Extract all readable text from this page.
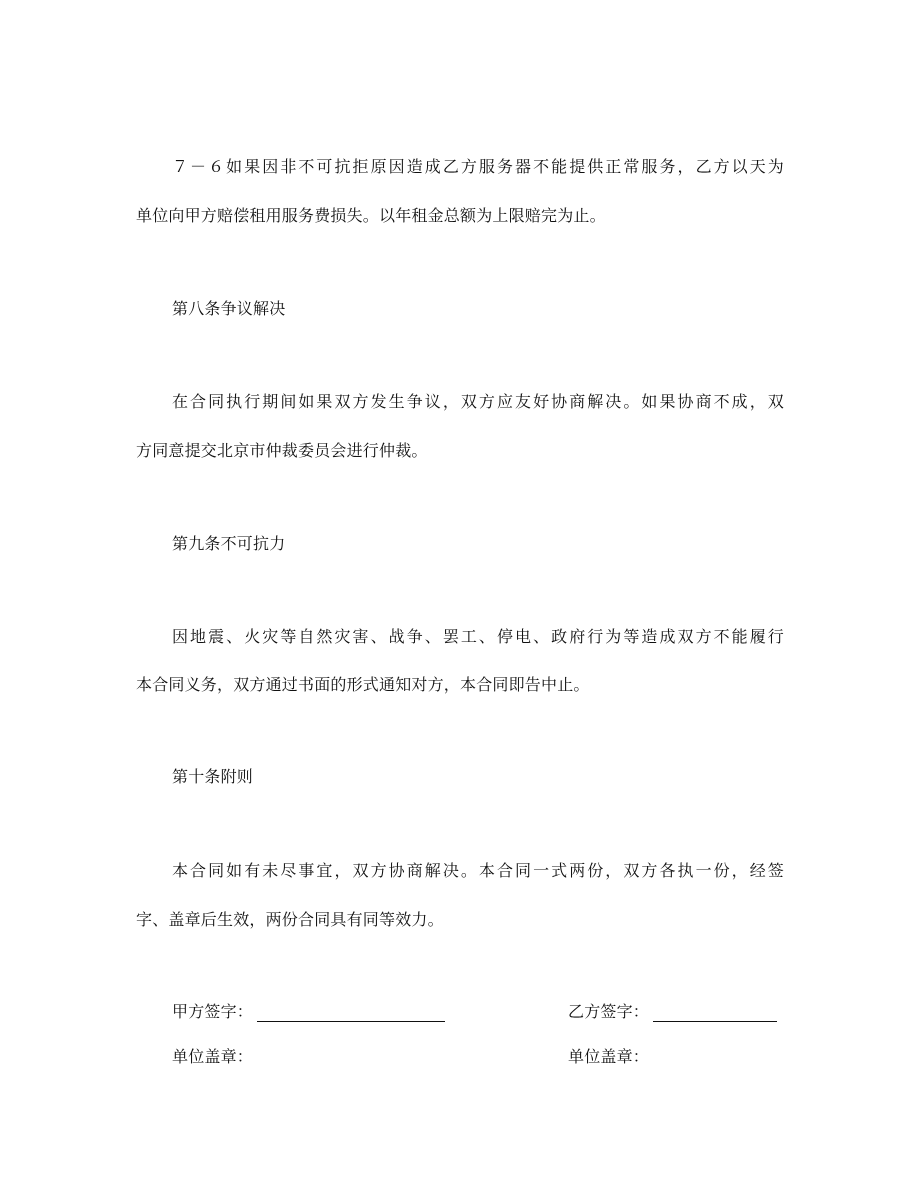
７－６如果因非不可抗拒原因造成乙方服务器不能提供正常服务，乙方以天为
单位向甲方赔偿租用服务费损失。以年租金总额为上限赔完为止。
第八条争议解决
在合同执行期间如果双方发生争议，双方应友好协商解决。如果协商不成，双
方同意提交北京市仲裁委员会进行仲裁。
第九条不可抗力
因地震、火灾等自然灾害、战争、罢工、停电、政府行为等造成双方不能履行
本合同义务，双方通过书面的形式通知对方，本合同即告中止。
第十条附则
本合同如有未尽事宜，双方协商解决。本合同一式两份，双方各执一份，经签
字、盖章后生效，两份合同具有同等效力。
甲方签字：	乙方签字：
单位盖章：	单位盖章：
